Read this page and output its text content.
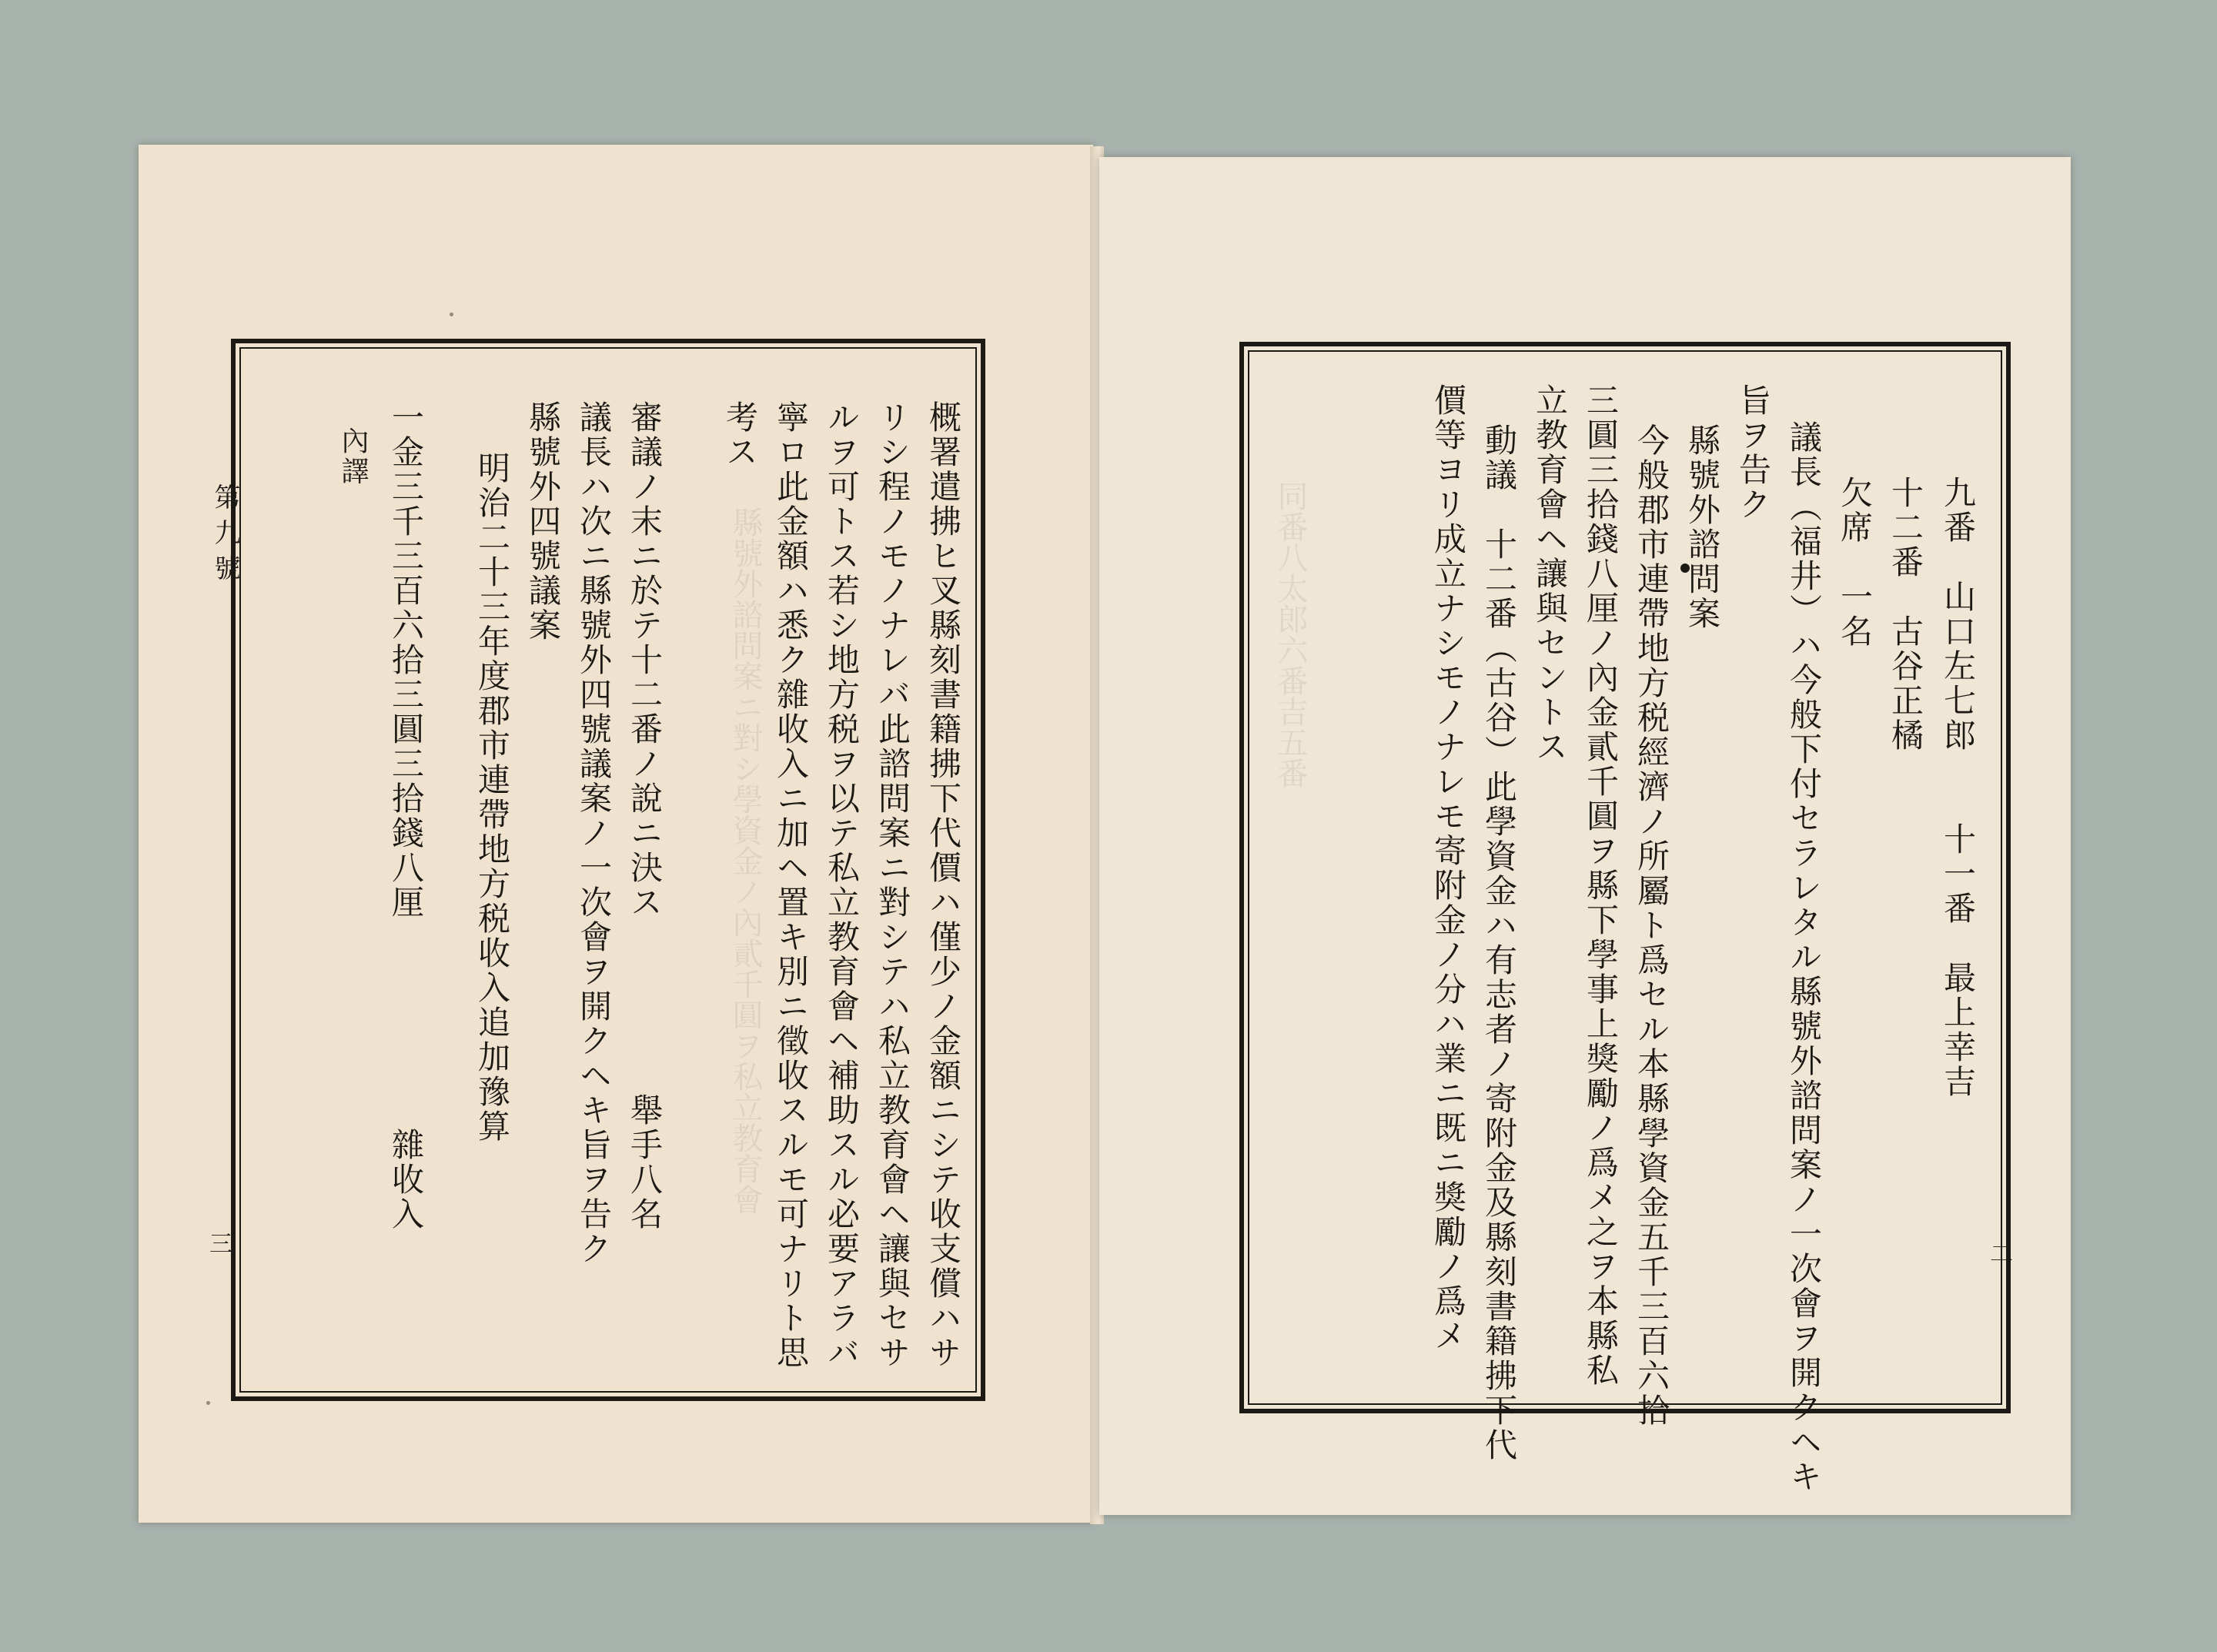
縣號外諮問案ニ對シ學資金ノ內貳千圓ヲ私立教育會
第九號
三	概署遣拂ヒ叉縣刻書籍拂下代價ハ僅少ノ金額ニシテ收支償ハサ
リシ程ノモノナレバ此諮問案ニ對シテハ私立教育會ヘ讓與セサ
ルヲ可トス若シ地方税ヲ以テ私立教育會ヘ補助スル必要アラバ
寧ロ此金額ハ悉ク雜收入ニ加ヘ置キ別ニ徵收スルモ可ナリト思
考ス
審議ノ末ニ於テ十二番ノ說ニ決ス　　　　　舉手八名
議長ハ次ニ縣號外四號議案ノ一次會ヲ開クヘキ旨ヲ告ク
縣號外四號議案
明治二十三年度郡市連帶地方税收入追加豫算
一金三千三百六拾三圓三拾錢八厘　　　　　　雜收入
內譯
同番八太郎六番吉五番
二
九番　山口左七郎　　十一番　最上幸吉
十二番　古谷正橘
欠席　一名
議長（福井）ハ今般下付セラレタル縣號外諮問案ノ一次會ヲ開クヘキ
旨ヲ告ク
縣號外諮問案
今般郡市連帶地方税經濟ノ所屬ト爲セル本縣學資金五千三百六拾
三圓三拾錢八厘ノ內金貳千圓ヲ縣下學事上獎勵ノ爲メ之ヲ本縣私
立教育會ヘ讓與セントス
動議　十二番（古谷）此學資金ハ有志者ノ寄附金及縣刻書籍拂下代
價等ヨリ成立ナシモノナレモ寄附金ノ分ハ業ニ既ニ獎勵ノ爲メ
